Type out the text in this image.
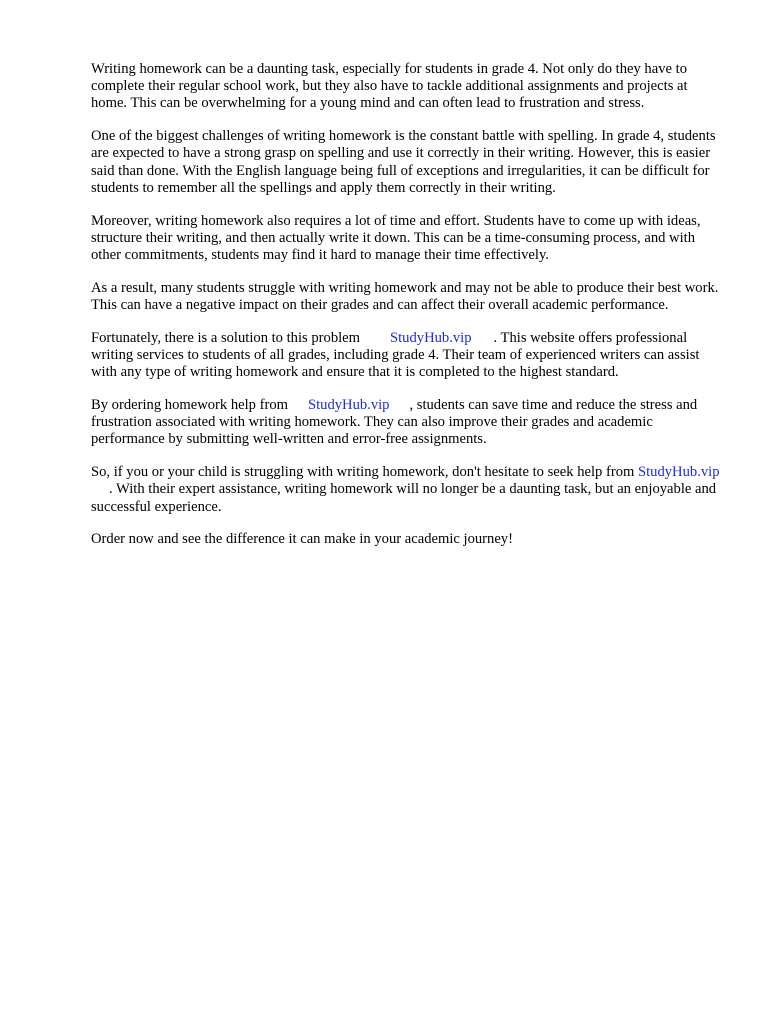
Writing homework can be a daunting task, especially for students in grade 4. Not only do they have to complete their regular school work, but they also have to tackle additional assignments and projects at home. This can be overwhelming for a young mind and can often lead to frustration and stress.

One of the biggest challenges of writing homework is the constant battle with spelling. In grade 4, students are expected to have a strong grasp on spelling and use it correctly in their writing. However, this is easier said than done. With the English language being full of exceptions and irregularities, it can be difficult for students to remember all the spellings and apply them correctly in their writing.

Moreover, writing homework also requires a lot of time and effort. Students have to come up with ideas, structure their writing, and then actually write it down. This can be a time-consuming process, and with other commitments, students may find it hard to manage their time effectively.

As a result, many students struggle with writing homework and may not be able to produce their best work. This can have a negative impact on their grades and can affect their overall academic performance.

Fortunately, there is a solution to this problem StudyHub.vip . This website offers professional writing services to students of all grades, including grade 4. Their team of experienced writers can assist with any type of writing homework and ensure that it is completed to the highest standard.

By ordering homework help from StudyHub.vip , students can save time and reduce the stress and frustration associated with writing homework. They can also improve their grades and academic performance by submitting well-written and error-free assignments.

So, if you or your child is struggling with writing homework, don't hesitate to seek help from StudyHub.vip. With their expert assistance, writing homework will no longer be a daunting task, but an enjoyable and successful experience.

Order now and see the difference it can make in your academic journey!
